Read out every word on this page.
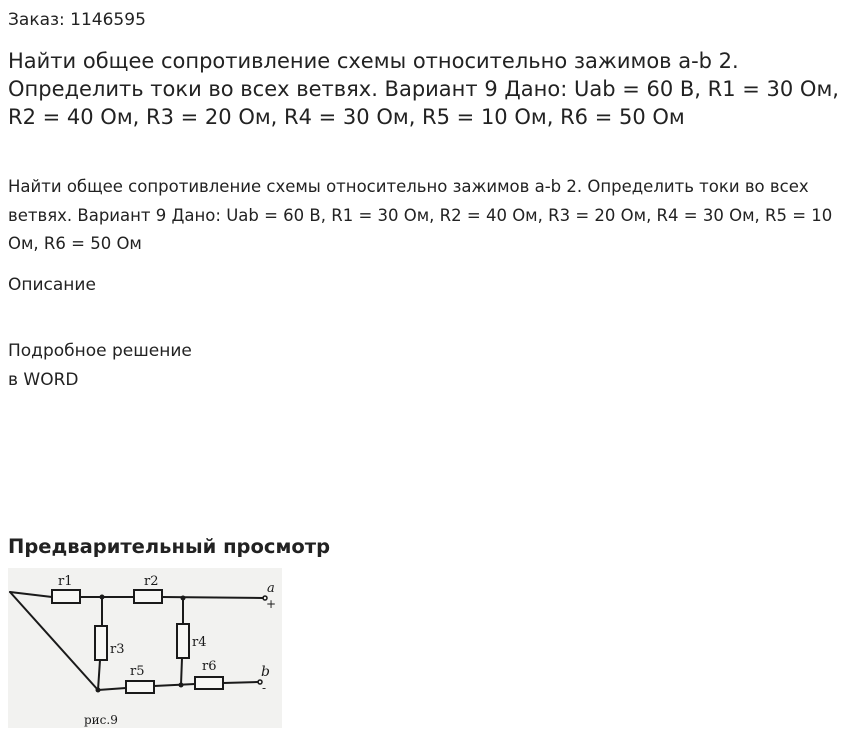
Заказ: 1146595
Найти общее сопротивление схемы относительно зажимов a-b 2. Определить токи во всех ветвях. Вариант 9 Дано: Uab = 60 В, R1 = 30 Ом, R2 = 40 Ом, R3 = 20 Ом, R4 = 30 Ом, R5 = 10 Ом, R6 = 50 Ом

Найти общее сопротивление схемы относительно зажимов a-b 2. Определить токи во всех ветвях. Вариант 9 Дано: Uab = 60 В, R1 = 30 Ом, R2 = 40 Ом, R3 = 20 Ом, R4 = 30 Ом, R5 = 10 Ом, R6 = 50 Ом

Описание
Подробное решение
в WORD
Предварительный просмотр
r1	r2
r3	r4
r5	r6
a
+
b
-
рис.9
